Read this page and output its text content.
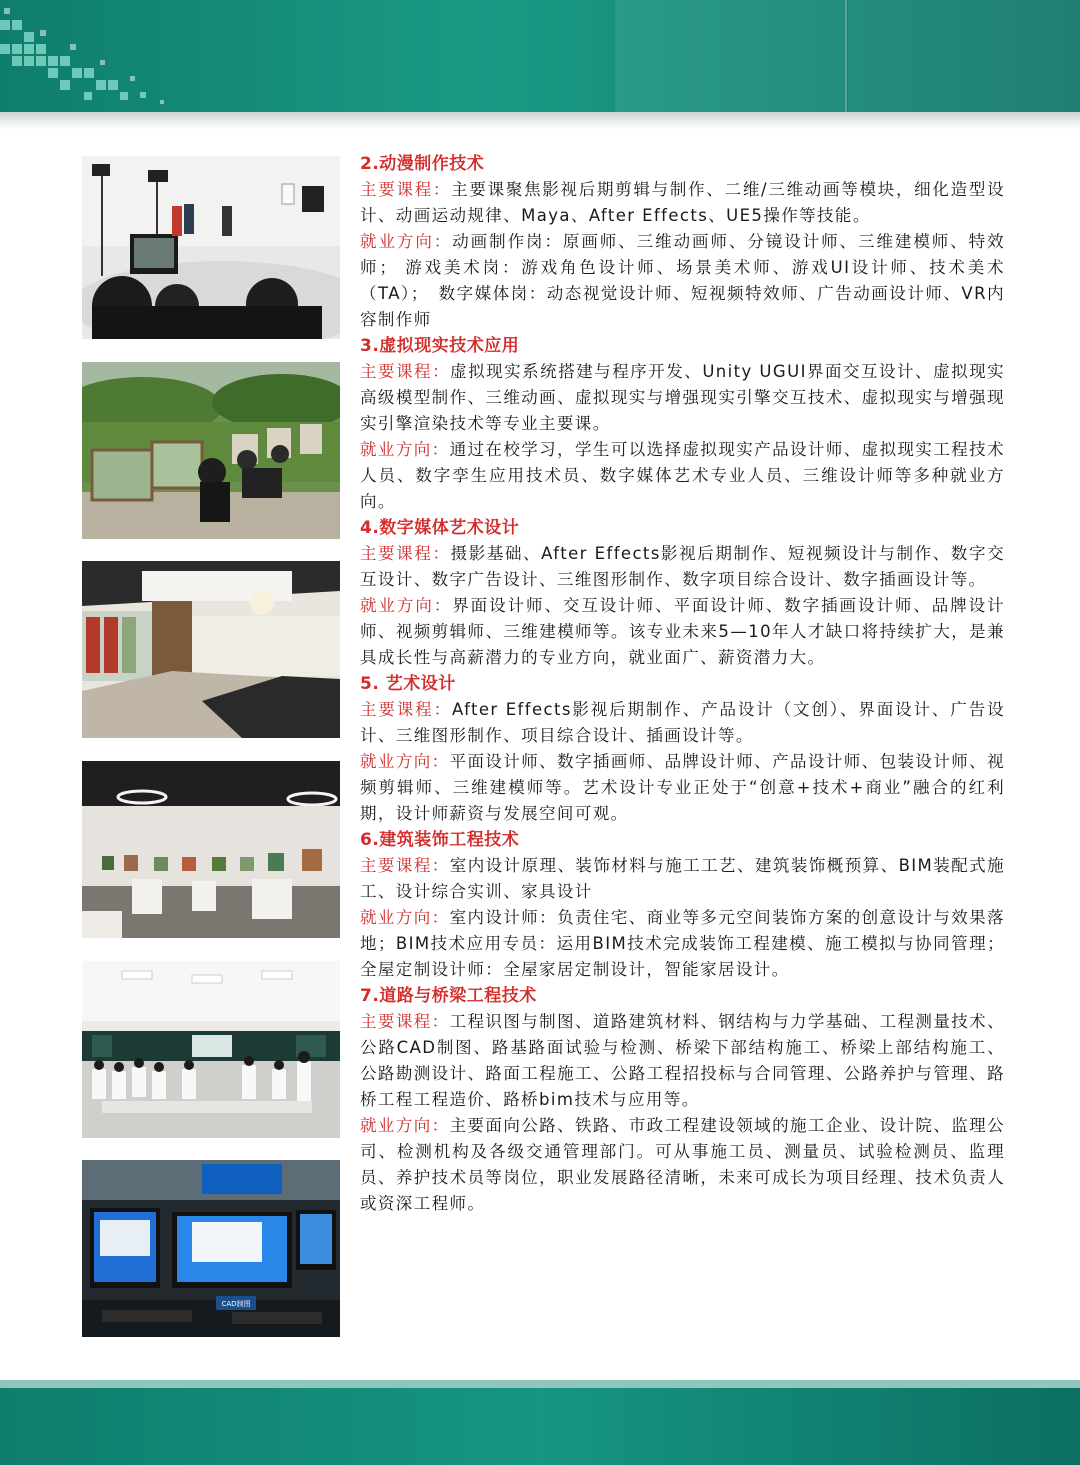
CAD制图

2.动漫制作技术

主要课程：主要课聚焦影视后期剪辑与制作、二维/三维动画等模块，细化造型设计、动画运动规律、Maya、After Effects、UE5操作等技能。

就业方向：动画制作岗：原画师、三维动画师、分镜设计师、三维建模师、特效师； 游戏美术岗：游戏角色设计师、场景美术师、游戏UI设计师、技术美术（TA）；　数字媒体岗：动态视觉设计师、短视频特效师、广告动画设计师、VR内容制作师

3.虚拟现实技术应用

主要课程：虚拟现实系统搭建与程序开发、Unity UGUI界面交互设计、虚拟现实高级模型制作、三维动画、虚拟现实与增强现实引擎交互技术、虚拟现实与增强现实引擎渲染技术等专业主要课。

就业方向：通过在校学习，学生可以选择虚拟现实产品设计师、虚拟现实工程技术人员、数字孪生应用技术员、数字媒体艺术专业人员、三维设计师等多种就业方向。

4.数字媒体艺术设计

主要课程：摄影基础、After Effects影视后期制作、短视频设计与制作、数字交互设计、数字广告设计、三维图形制作、数字项目综合设计、数字插画设计等。

就业方向：界面设计师、交互设计师、平面设计师、数字插画设计师、品牌设计师、视频剪辑师、三维建模师等。该专业未来5—10年人才缺口将持续扩大，是兼具成长性与高薪潜力的专业方向，就业面广、薪资潜力大。

5. 艺术设计

主要课程：After Effects影视后期制作、产品设计（文创）、界面设计、广告设计、三维图形制作、项目综合设计、插画设计等。

就业方向：平面设计师、数字插画师、品牌设计师、产品设计师、包装设计师、视频剪辑师、三维建模师等。艺术设计专业正处于“创意+技术+商业”融合的红利期，设计师薪资与发展空间可观。

6.建筑装饰工程技术

主要课程：室内设计原理、装饰材料与施工工艺、建筑装饰概预算、BIM装配式施工、设计综合实训、家具设计

就业方向：室内设计师：负责住宅、商业等多元空间装饰方案的创意设计与效果落地；BIM技术应用专员：运用BIM技术完成装饰工程建模、施工模拟与协同管理；全屋定制设计师：全屋家居定制设计，智能家居设计。

7.道路与桥梁工程技术

主要课程：工程识图与制图、道路建筑材料、钢结构与力学基础、工程测量技术、公路CAD制图、路基路面试验与检测、桥梁下部结构施工、桥梁上部结构施工、公路勘测设计、路面工程施工、公路工程招投标与合同管理、公路养护与管理、路桥工程工程造价、路桥bim技术与应用等。

就业方向：主要面向公路、铁路、市政工程建设领域的施工企业、设计院、监理公司、检测机构及各级交通管理部门。可从事施工员、测量员、试验检测员、监理员、养护技术员等岗位，职业发展路径清晰，未来可成长为项目经理、技术负责人或资深工程师。
